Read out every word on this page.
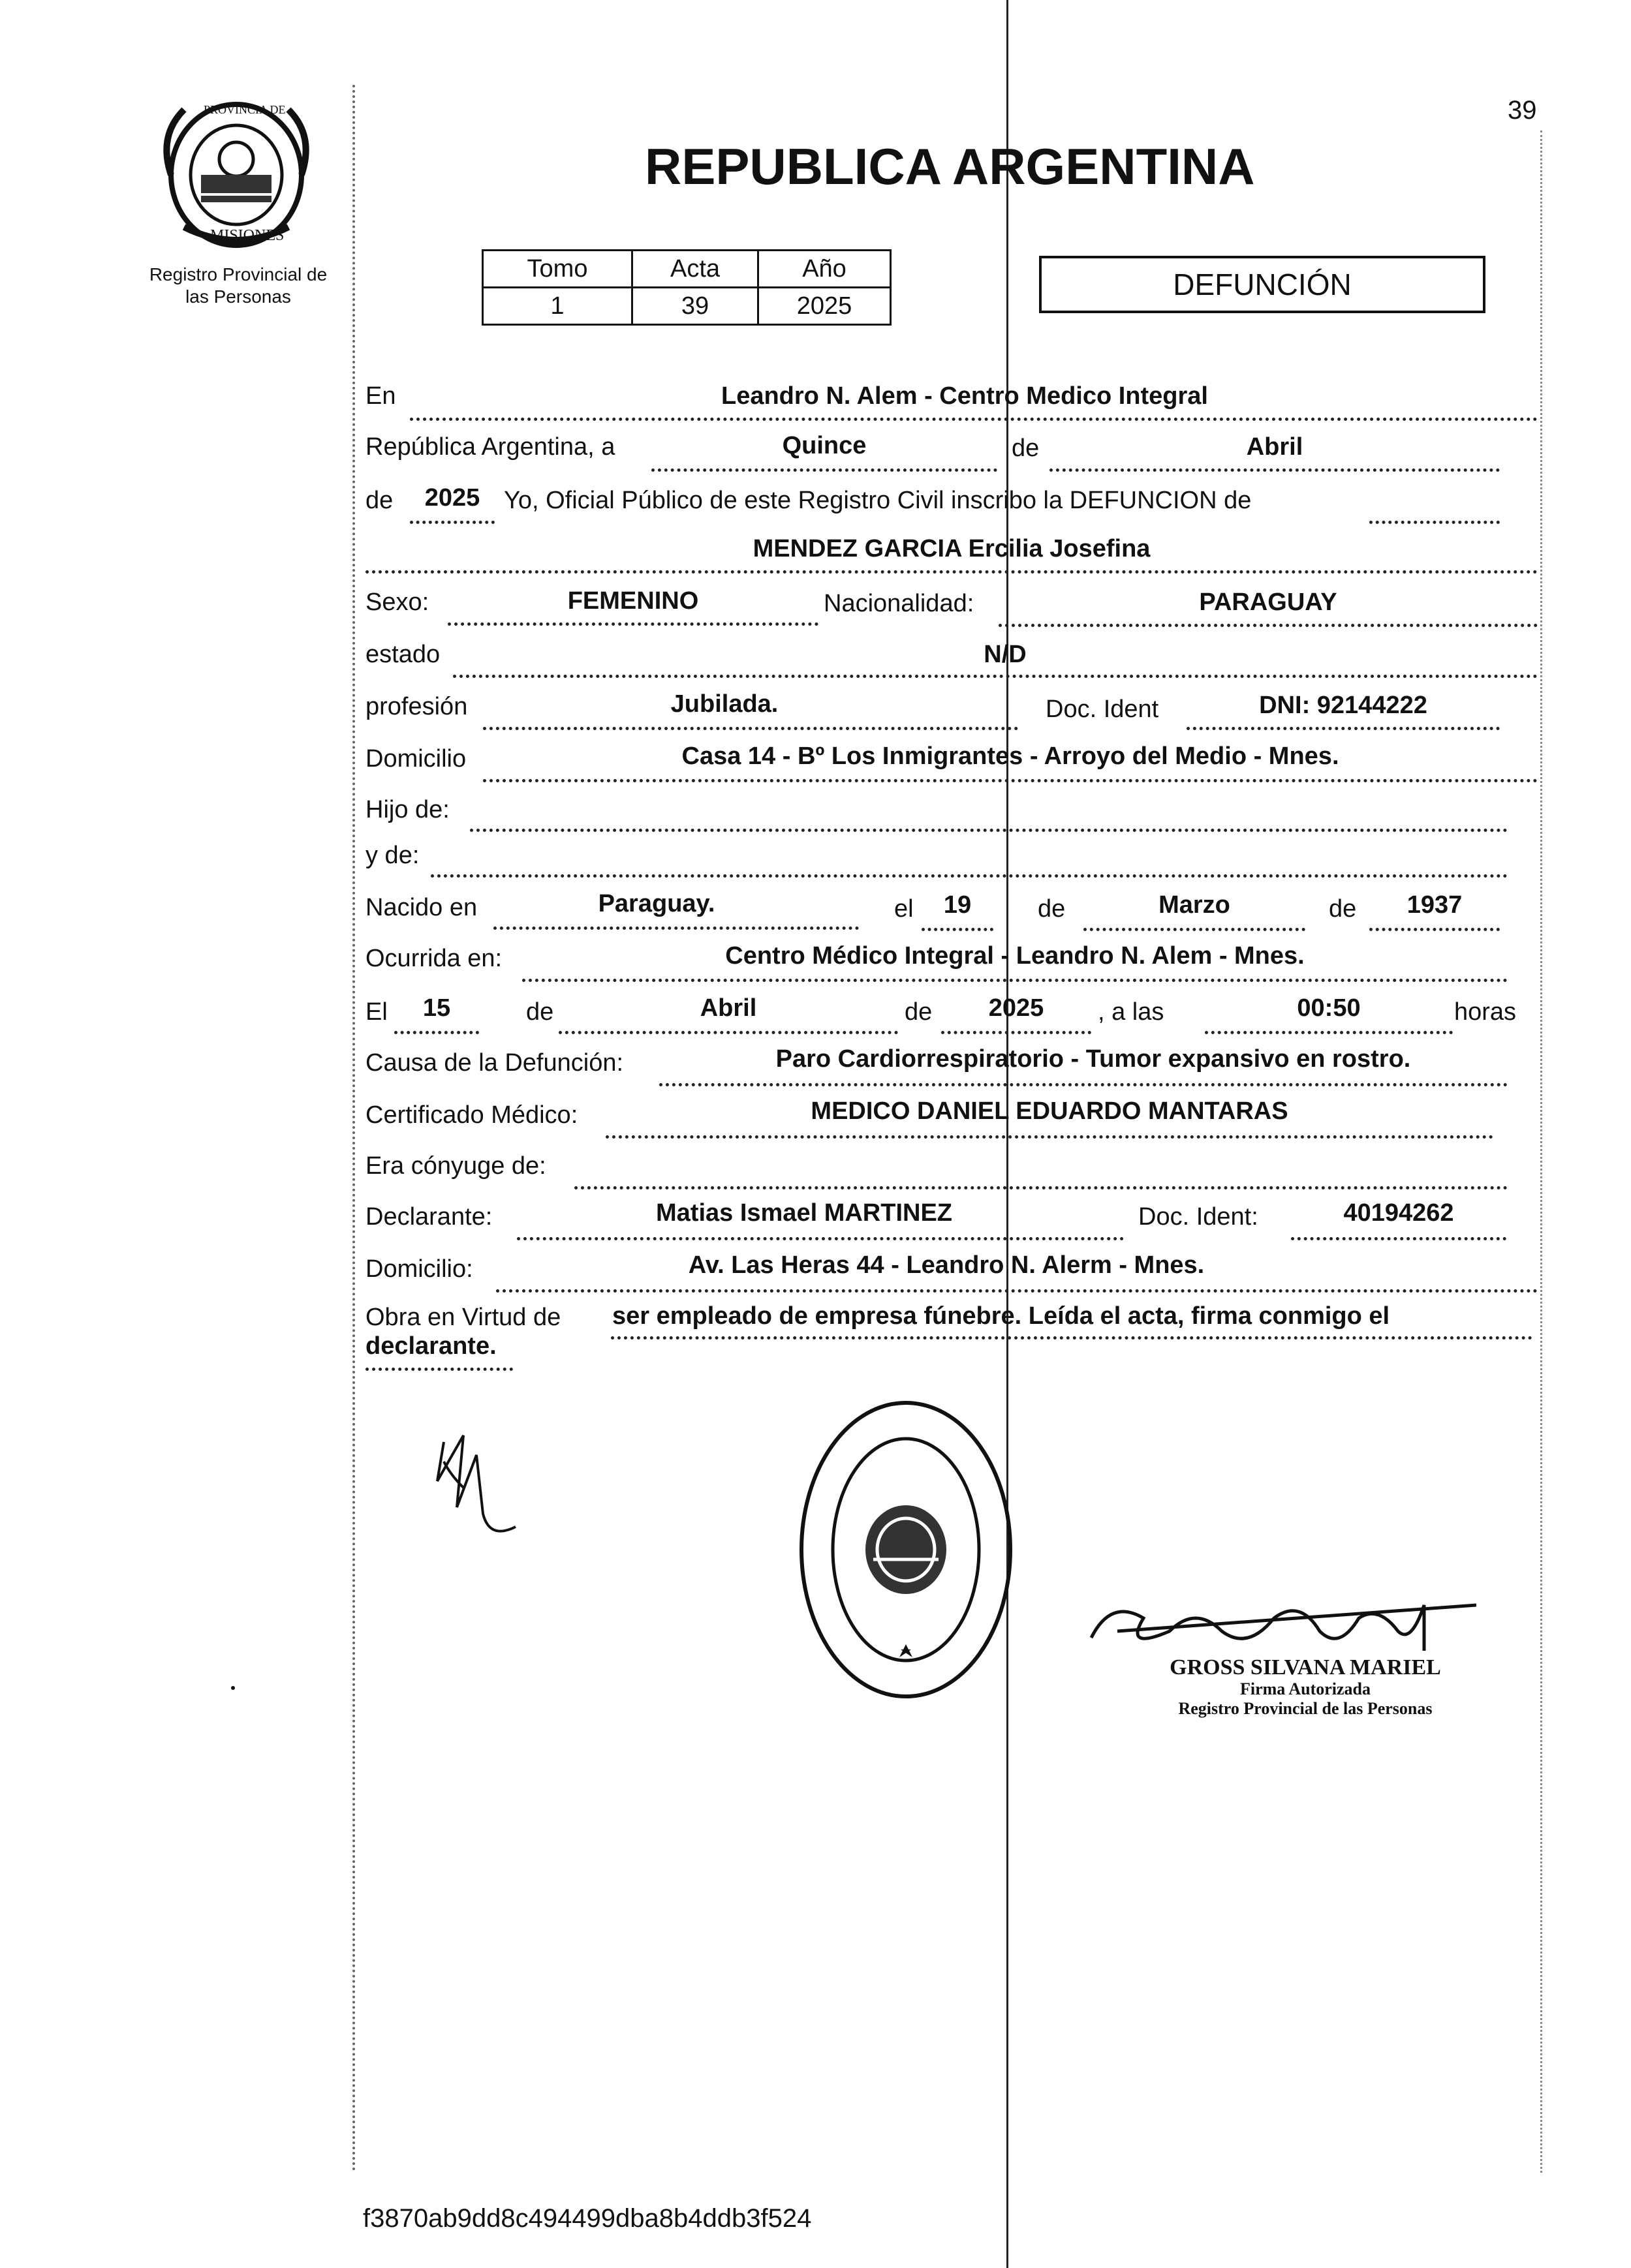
39
PROVINCIA DE
MISIONES
Registro Provincial de
las Personas
REPUBLICA ARGENTINA
Tomo	Acta	Año
1	39	2025
DEFUNCIÓN
En	Leandro N. Alem - Centro Medico Integral
República Argentina, a	Quince	de	Abril
de	2025 Yo, Oficial Público de este Registro Civil inscribo la DEFUNCION de
MENDEZ GARCIA Ercilia Josefina
Sexo:	FEMENINO	Nacionalidad:	PARAGUAY
estado	N/D
profesión	Jubilada.	Doc. Ident	DNI: 92144222
Domicilio	Casa 14 - Bº Los Inmigrantes - Arroyo del Medio - Mnes.
Hijo de:
y de:
Nacido en	Paraguay.	el	19	de	Marzo	de	1937
Ocurrida en:	Centro Médico Integral - Leandro N. Alem - Mnes.
El	15	de	Abril	de	2025	, a las	00:50	horas
Causa de la Defunción:	Paro Cardiorrespiratorio - Tumor expansivo en rostro.
Certificado Médico:	MEDICO DANIEL EDUARDO MANTARAS
Era cónyuge de:
Declarante:	Matias Ismael MARTINEZ	Doc. Ident:	40194262
Domicilio:	Av. Las Heras 44 - Leandro N. Alerm - Mnes.
Obra en Virtud de ser empleado de empresa fúnebre. Leída el acta, firma conmigo el
declarante.
GROSS SILVANA MARIEL
Firma Autorizada
Registro Provincial de las Personas
f3870ab9dd8c494499dba8b4ddb3f524
